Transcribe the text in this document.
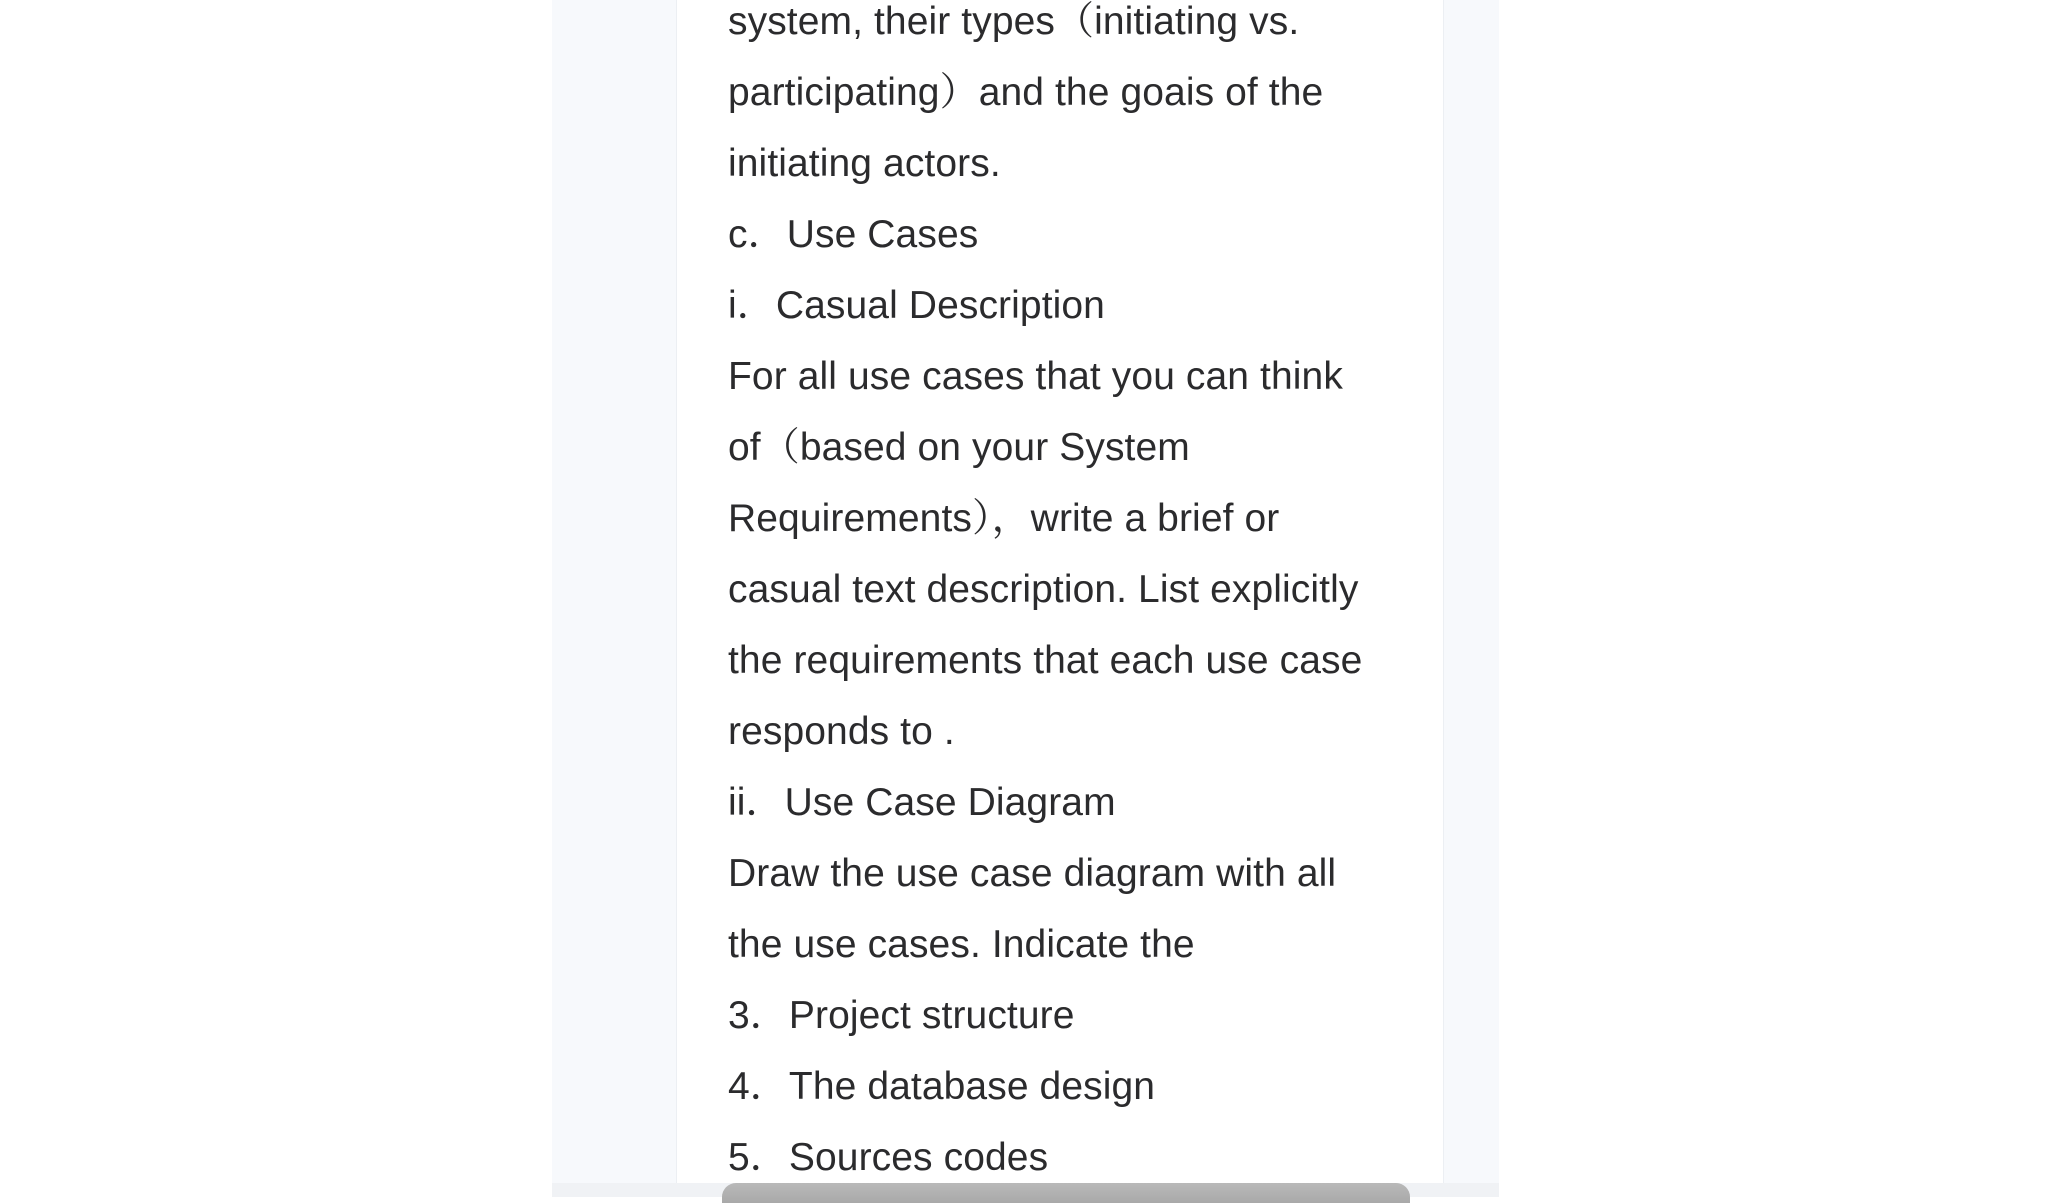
system, their types（initiating vs.
participating）and the goais of the
initiating actors.
c．Use Cases
i．Casual Description
For all use cases that you can think
of（based on your System
Requirements），write a brief or
casual text description. List explicitly
the requirements that each use case
responds to .
ii．Use Case Diagram
Draw the use case diagram with all
the use cases. Indicate the
3．Project structure
4．The database design
5．Sources codes
